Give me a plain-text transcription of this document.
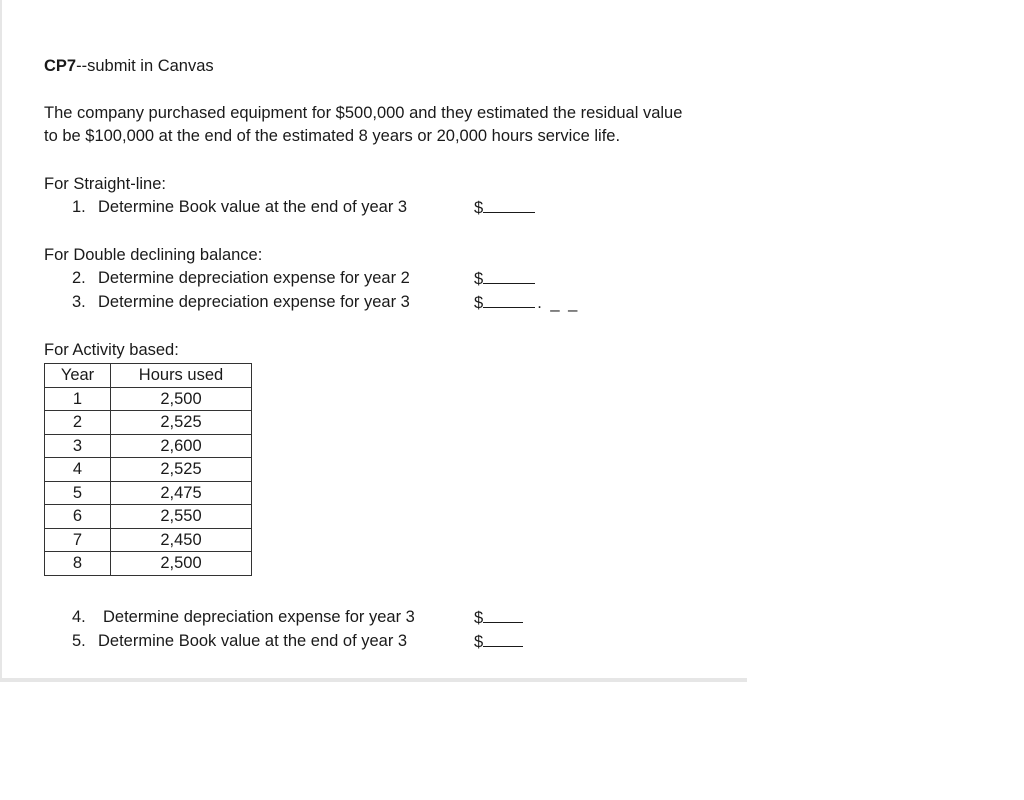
CP7--submit in Canvas
The company purchased equipment for $500,000 and they estimated the residual value
to be $100,000 at the end of the estimated 8 years or 20,000 hours service life.
For Straight-line:
1. Determine Book value at the end of year 3	$
For Double declining balance:
2. Determine depreciation expense for year 2	$
3. Determine depreciation expense for year 3	$	. _ _
For Activity based:
Year	Hours used
1	2,500
2	2,525
3	2,600
4	2,525
5	2,475
6	2,550
7	2,450
8	2,500
4. Determine depreciation expense for year 3	$
5. Determine Book value at the end of year 3	$
